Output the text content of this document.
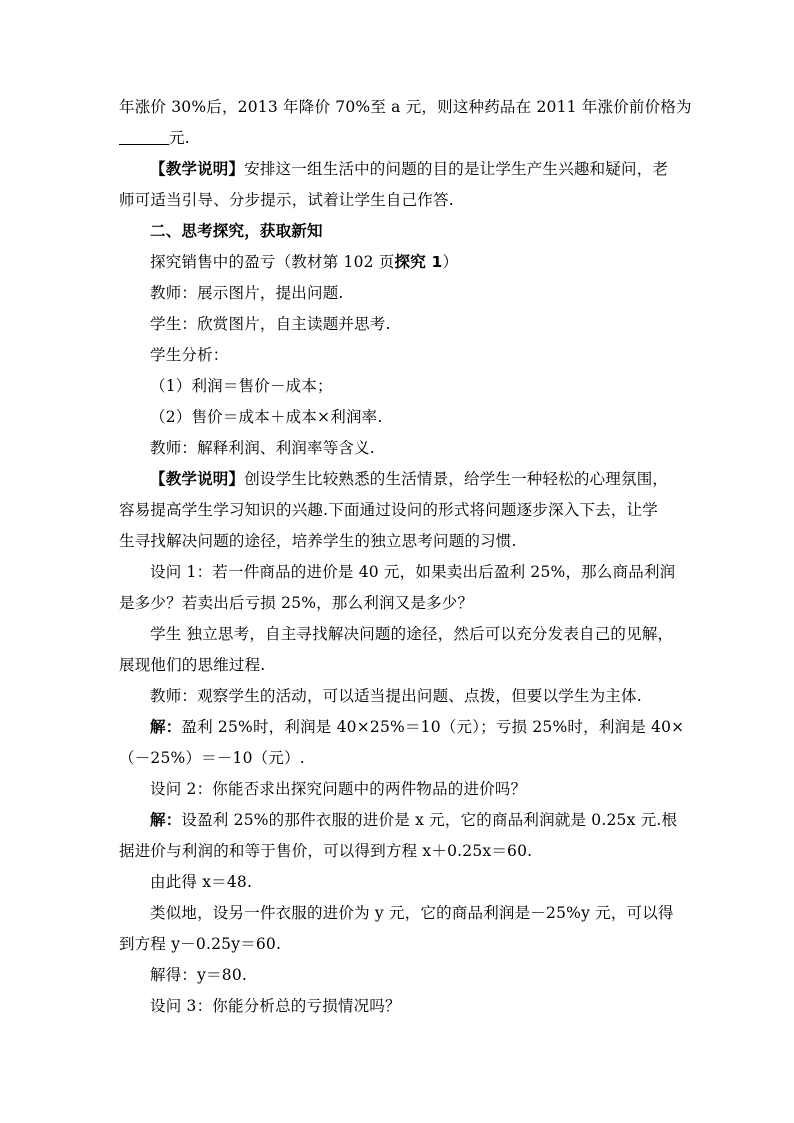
年涨价 30%后，2013 年降价 70%至 a 元，则这种药品在 2011 年涨价前价格为
元.
【教学说明】安排这一组生活中的问题的目的是让学生产生兴趣和疑问，老
师可适当引导、分步提示，试着让学生自己作答.
二、思考探究，获取新知
探究销售中的盈亏（教材第 102 页探究 1）
教师：展示图片，提出问题.
学生：欣赏图片，自主读题并思考.
学生分析：
（1）利润＝售价－成本；
（2）售价＝成本＋成本×利润率.
教师：解释利润、利润率等含义.
【教学说明】创设学生比较熟悉的生活情景，给学生一种轻松的心理氛围，
容易提高学生学习知识的兴趣.下面通过设问的形式将问题逐步深入下去，让学
生寻找解决问题的途径，培养学生的独立思考问题的习惯.
设问 1：若一件商品的进价是 40 元，如果卖出后盈利 25%，那么商品利润
是多少？若卖出后亏损 25%，那么利润又是多少？
学生 独立思考，自主寻找解决问题的途径，然后可以充分发表自己的见解，
展现他们的思维过程.
教师：观察学生的活动，可以适当提出问题、点拨，但要以学生为主体.
解：盈利 25%时，利润是 40×25%＝10（元）；亏损 25%时，利润是 40×
（－25%）＝－10（元）.
设问 2：你能否求出探究问题中的两件物品的进价吗？
解：设盈利 25%的那件衣服的进价是 x 元，它的商品利润就是 0.25x 元.根
据进价与利润的和等于售价，可以得到方程 x＋0.25x＝60.
由此得 x＝48.
类似地，设另一件衣服的进价为 y 元，它的商品利润是－25%y 元，可以得
到方程 y－0.25y＝60.
解得：y＝80.
设问 3：你能分析总的亏损情况吗？
